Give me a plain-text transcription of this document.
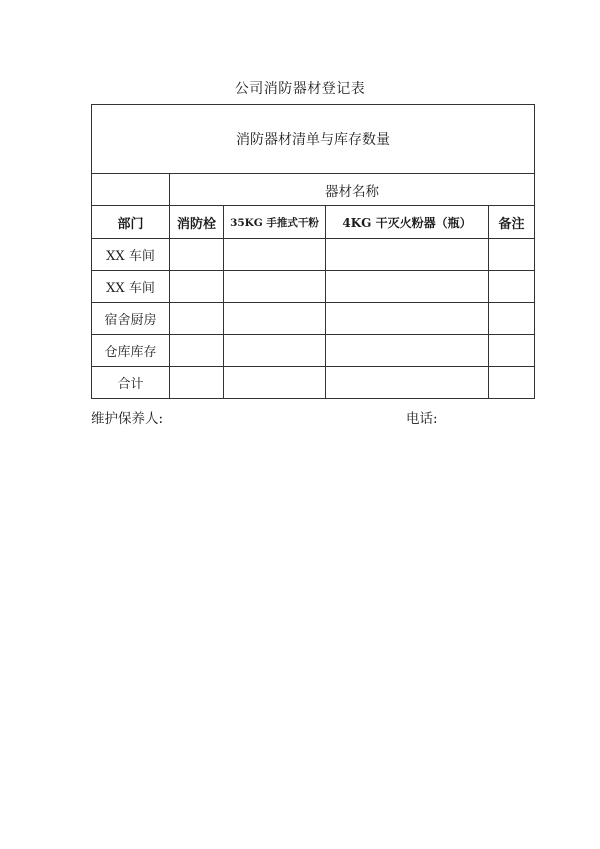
公司消防器材登记表
消防器材清单与库存数量				
	器材名称			
部门	消防栓	35KG 手推式干粉	4KG 干灭火粉器（瓶）	备注
XX 车间				
XX 车间				
宿舍厨房				
仓库库存				
合计				
维护保养人:	电话:
